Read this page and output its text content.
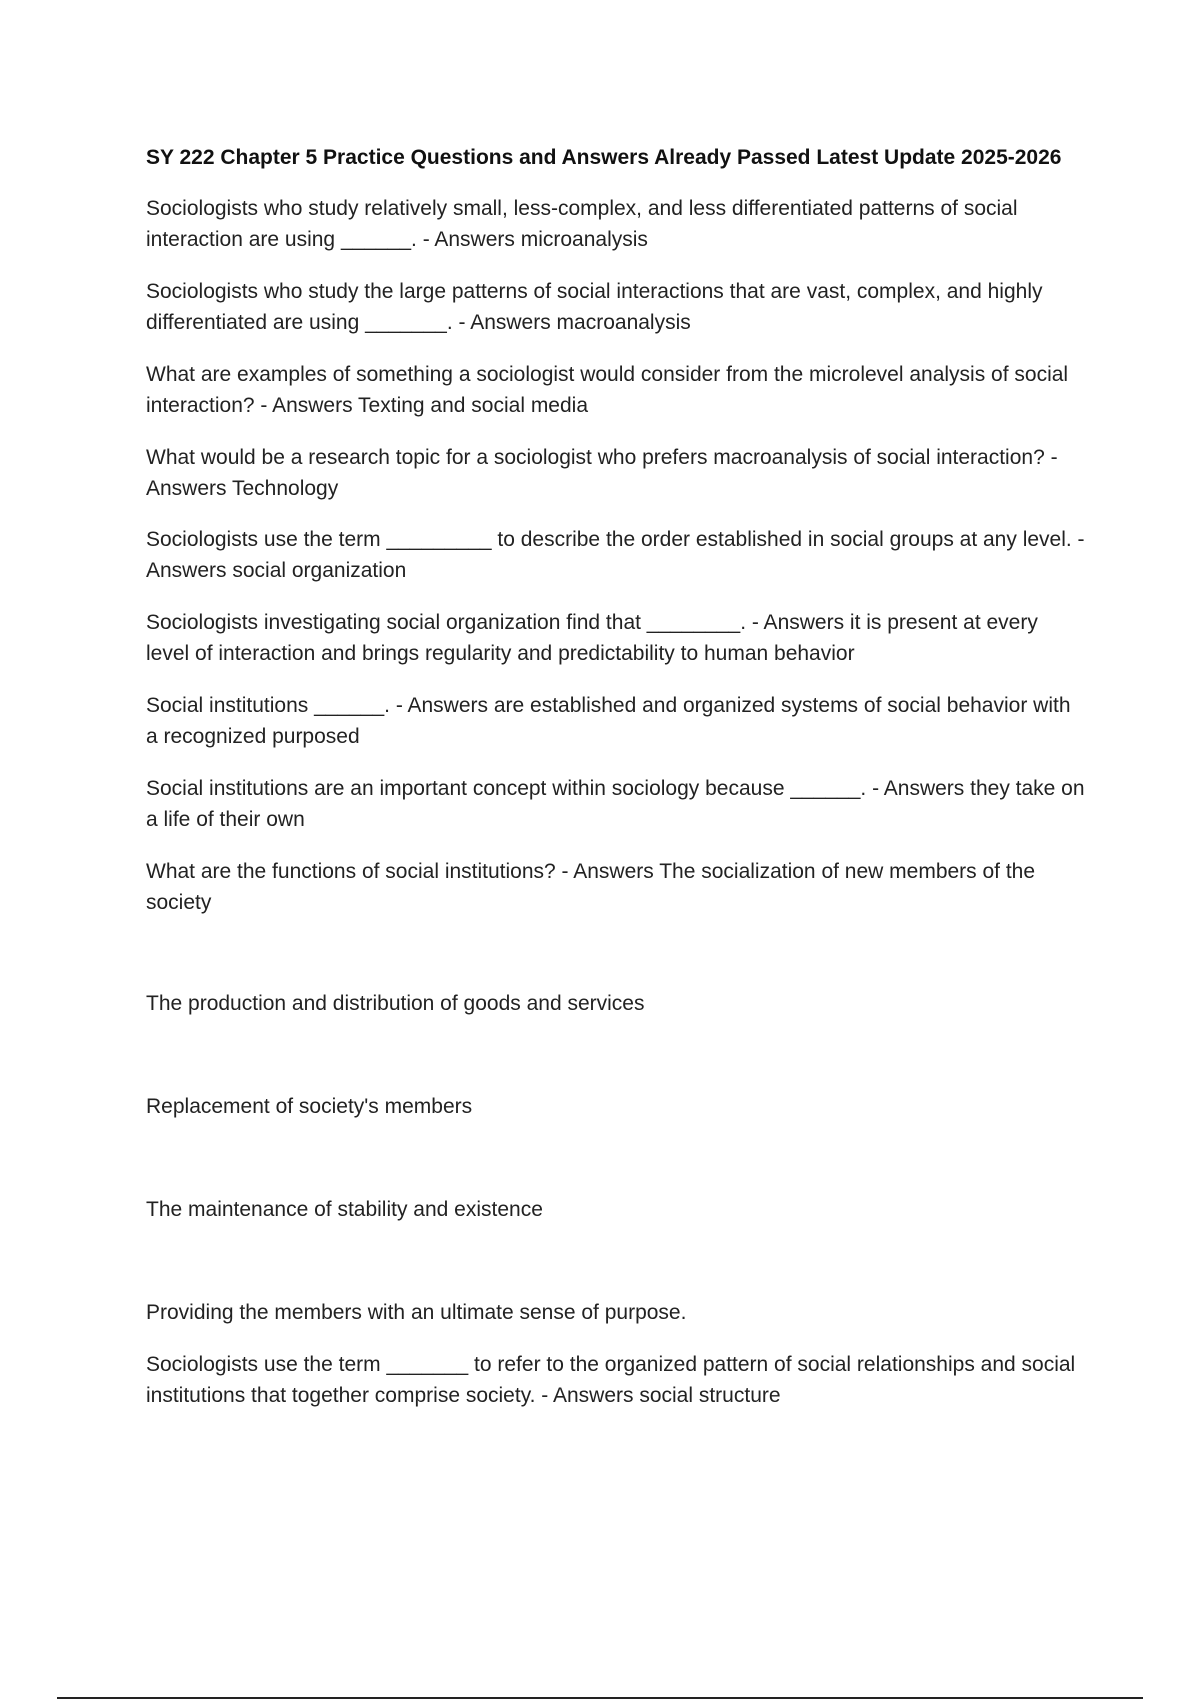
SY 222 Chapter 5 Practice Questions and Answers Already Passed Latest Update 2025-2026
Sociologists who study relatively small, less-complex, and less differentiated patterns of social interaction are using ______. - Answers microanalysis
Sociologists who study the large patterns of social interactions that are vast, complex, and highly differentiated are using _______. - Answers macroanalysis
What are examples of something a sociologist would consider from the microlevel analysis of social interaction? - Answers Texting and social media
What would be a research topic for a sociologist who prefers macroanalysis of social interaction? - Answers Technology
Sociologists use the term _________ to describe the order established in social groups at any level. - Answers social organization
Sociologists investigating social organization find that ________. - Answers it is present at every level of interaction and brings regularity and predictability to human behavior
Social institutions ______. - Answers are established and organized systems of social behavior with a recognized purposed
Social institutions are an important concept within sociology because ______. - Answers they take on a life of their own
What are the functions of social institutions? - Answers The socialization of new members of the society
The production and distribution of goods and services
Replacement of society's members
The maintenance of stability and existence
Providing the members with an ultimate sense of purpose.
Sociologists use the term _______ to refer to the organized pattern of social relationships and social institutions that together comprise society. - Answers social structure
